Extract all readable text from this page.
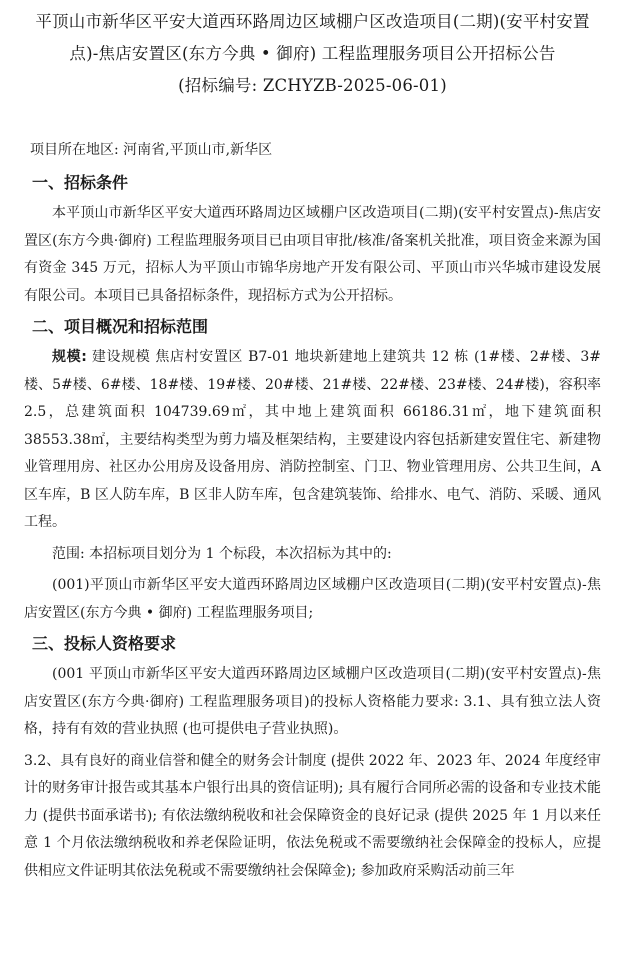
平顶山市新华区平安大道西环路周边区域棚户区改造项目(二期)(安平村安置
点)-焦店安置区(东方今典 • 御府) 工程监理服务项目公开招标公告
(招标编号: ZCHYZB-2025-06-01)

项目所在地区: 河南省,平顶山市,新华区

一、招标条件

本平顶山市新华区平安大道西环路周边区域棚户区改造项目(二期)(安平村安置点)-焦店安置区(东方今典·御府) 工程监理服务项目已由项目审批/核准/备案机关批准，项目资金来源为国有资金 345 万元，招标人为平顶山市锦华房地产开发有限公司、平顶山市兴华城市建设发展有限公司。本项目已具备招标条件，现招标方式为公开招标。

二、项目概况和招标范围

规模: 建设规模 焦店村安置区 B7-01 地块新建地上建筑共 12 栋 (1#楼、2#楼、3#楼、5#楼、6#楼、18#楼、19#楼、20#楼、21#楼、22#楼、23#楼、24#楼)，容积率 2.5，总建筑面积 104739.69㎡，其中地上建筑面积 66186.31㎡，地下建筑面积 38553.38㎡，主要结构类型为剪力墙及框架结构，主要建设内容包括新建安置住宅、新建物业管理用房、社区办公用房及设备用房、消防控制室、门卫、物业管理用房、公共卫生间，A 区车库，B 区人防车库，B 区非人防车库，包含建筑装饰、给排水、电气、消防、采暖、通风工程。

范围: 本招标项目划分为 1 个标段，本次招标为其中的:

(001)平顶山市新华区平安大道西环路周边区域棚户区改造项目(二期)(安平村安置点)-焦店安置区(东方今典 • 御府) 工程监理服务项目;

三、投标人资格要求

(001 平顶山市新华区平安大道西环路周边区域棚户区改造项目(二期)(安平村安置点)-焦店安置区(东方今典·御府) 工程监理服务项目)的投标人资格能力要求: 3.1、具有独立法人资格，持有有效的营业执照 (也可提供电子营业执照)。

3.2、具有良好的商业信誉和健全的财务会计制度 (提供 2022 年、2023 年、2024 年度经审计的财务审计报告或其基本户银行出具的资信证明); 具有履行合同所必需的设备和专业技术能力 (提供书面承诺书); 有依法缴纳税收和社会保障资金的良好记录 (提供 2025 年 1 月以来任意 1 个月依法缴纳税收和养老保险证明，依法免税或不需要缴纳社会保障金的投标人，应提供相应文件证明其依法免税或不需要缴纳社会保障金); 参加政府采购活动前三年
